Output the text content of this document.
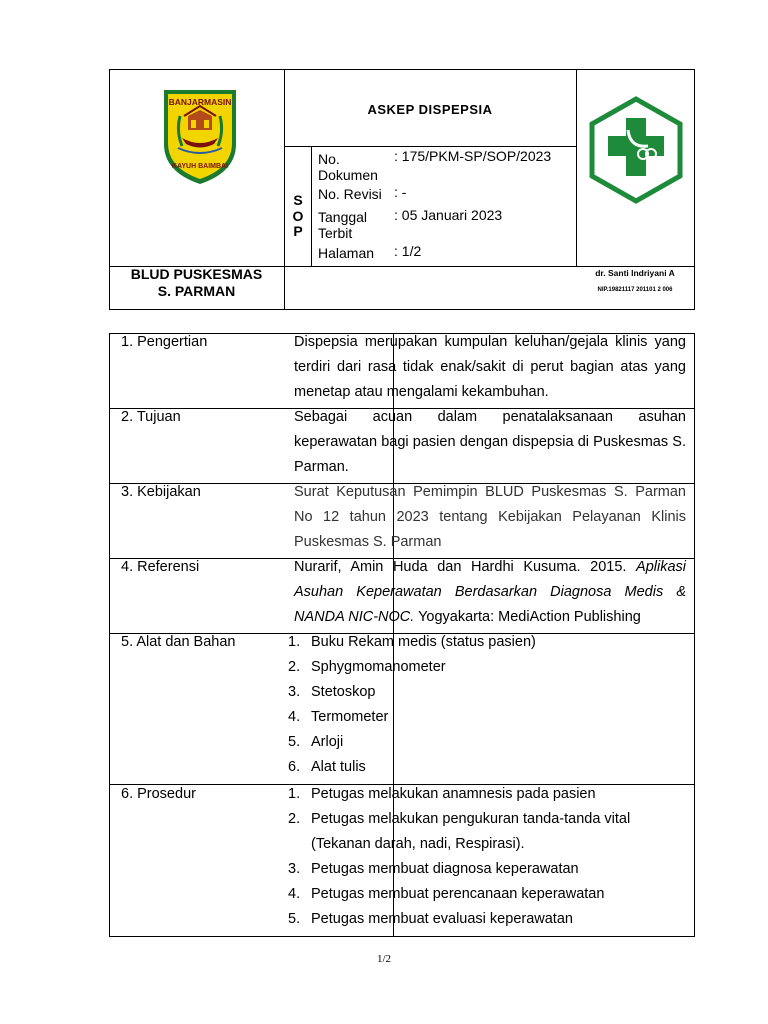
BANJARMASIN
KAYUH BAIMBAI
ASKEP DISPEPSIA
S
O
P
No.
Dokumen
: 175/PKM-SP/SOP/2023
No. Revisi : -
Tanggal
Terbit
: 05 Januari 2023
Halaman : 1/2
BLUD PUSKESMAS
S. PARMAN
dr. Santi Indriyani A
NIP.19821117 201101 2 006
1. Pengertian	Dispepsia merupakan kumpulan keluhan/gejala klinis yang terdiri dari rasa tidak enak/sakit di perut bagian atas yang menetap atau mengalami kekambuhan.
2. Tujuan	Sebagai acuan dalam penatalaksanaan asuhan keperawatan bagi pasien dengan dispepsia di Puskesmas S. Parman.
3. Kebijakan	Surat Keputusan Pemimpin BLUD Puskesmas S. Parman No 12 tahun 2023 tentang Kebijakan Pelayanan Klinis Puskesmas S. Parman
4. Referensi	Nurarif, Amin Huda dan Hardhi Kusuma. 2015. Aplikasi Asuhan Keperawatan Berdasarkan Diagnosa Medis & NANDA NIC-NOC. Yogyakarta: MediAction Publishing
5. Alat dan Bahan	1. Buku Rekam medis (status pasien)
2. Sphygmomanometer
3. Stetoskop
4. Termometer
5. Arloji
6. Alat tulis
6. Prosedur	1. Petugas melakukan anamnesis pada pasien
2. Petugas melakukan pengukuran tanda-tanda vital (Tekanan darah, nadi, Respirasi).
3. Petugas membuat diagnosa keperawatan
4. Petugas membuat perencanaan keperawatan
5. Petugas membuat evaluasi keperawatan
1/2
